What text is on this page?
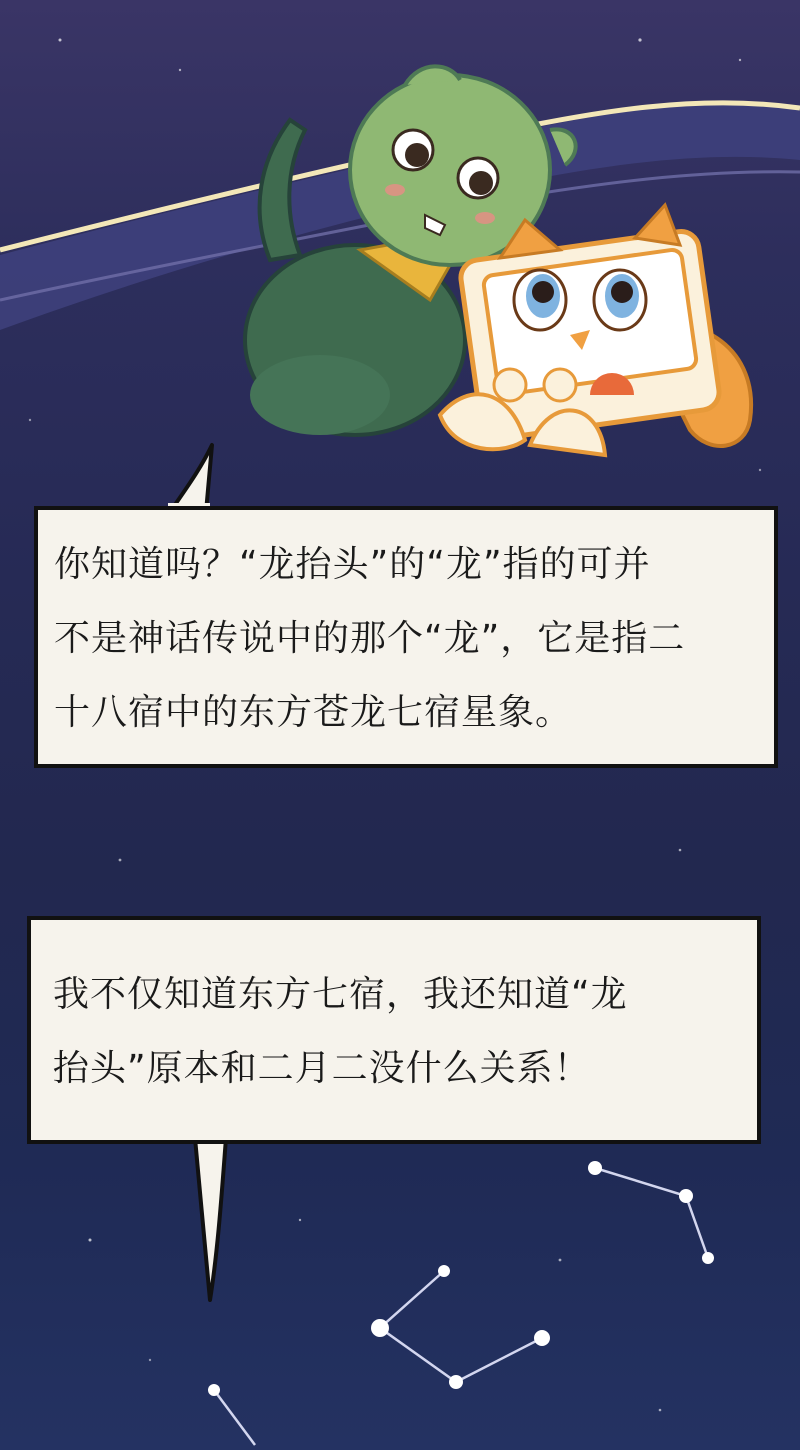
你知道吗？“龙抬头”的“龙”指的可并

不是神话传说中的那个“龙”，它是指二

十八宿中的东方苍龙七宿星象。

我不仅知道东方七宿，我还知道“龙

抬头”原本和二月二没什么关系！
